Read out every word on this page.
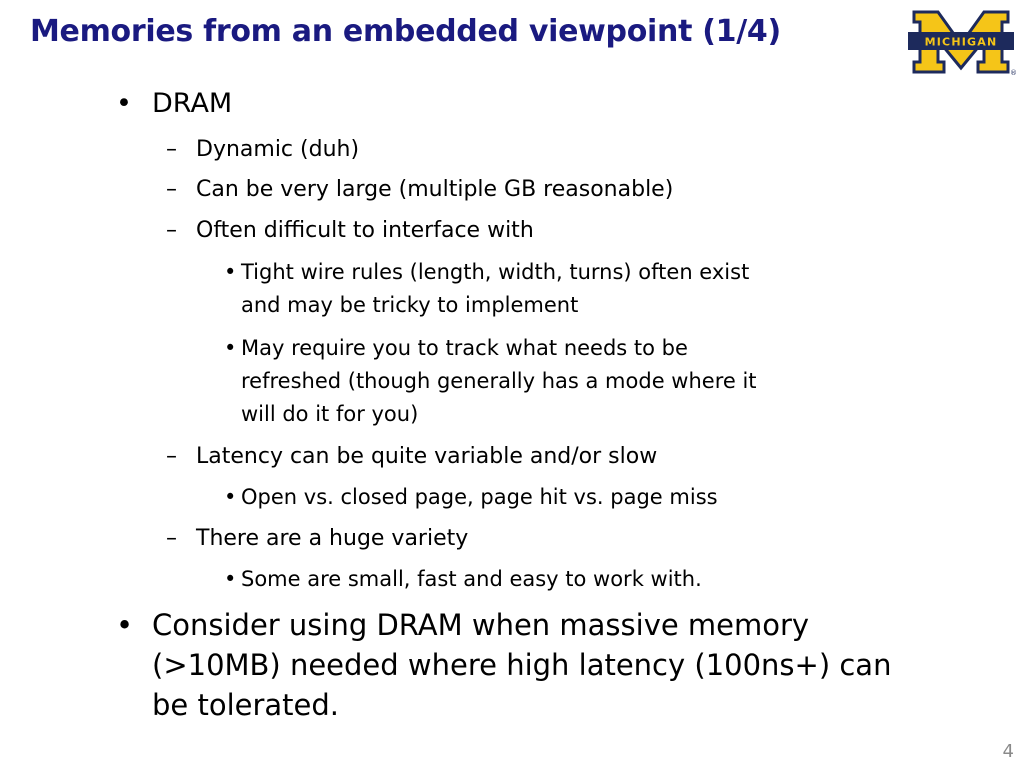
Memories from an embedded viewpoint (1/4)	MICHIGAN
®
• DRAM
– Dynamic (duh)
– Can be very large (multiple GB reasonable)
– Often difficult to interface with
• Tight wire rules (length, width, turns) often exist
and may be tricky to implement
• May require you to track what needs to be
refreshed (though generally has a mode where it
will do it for you)
– Latency can be quite variable and/or slow
• Open vs. closed page, page hit vs. page miss
– There are a huge variety
• Some are small, fast and easy to work with.
• Consider using DRAM when massive memory
(>10MB) needed where high latency (100ns+) can
be tolerated.
4
